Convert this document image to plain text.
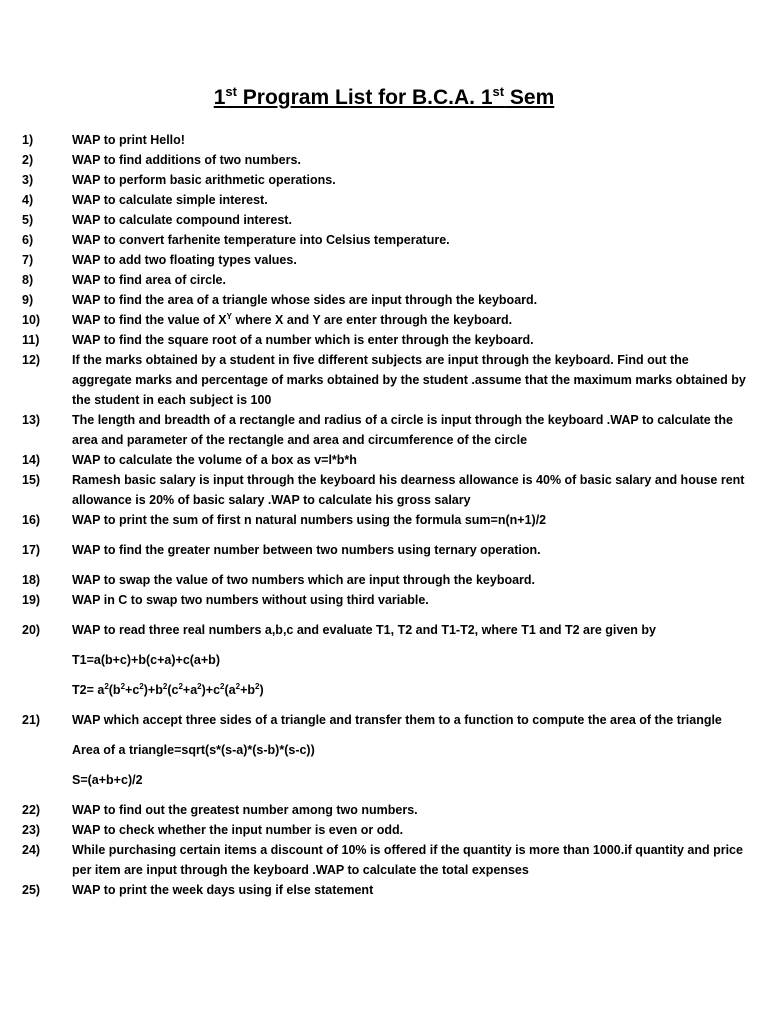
1st Program List for B.C.A. 1st Sem
1)	WAP to print Hello!
2)	WAP to find additions of two numbers.
3)	WAP to perform basic arithmetic operations.
4)	WAP to calculate simple interest.
5)	WAP to calculate compound interest.
6)	WAP to convert farhenite temperature into Celsius temperature.
7)	WAP to add two floating types values.
8)	WAP to find area of circle.
9)	WAP to find the area of a triangle whose sides are input through the keyboard.
10)	WAP to find the value of $X^Y$ where X and Y are enter through the keyboard.
11)	WAP to find the square root of a number which is enter through the keyboard.
12)	If the marks obtained by a student in five different subjects are input through the keyboard. Find out the aggregate marks and percentage of marks obtained by the student .assume that the maximum marks obtained by the student in each subject is 100
13)	The length and breadth of a rectangle and radius of a circle is input through the keyboard .WAP to calculate the area and parameter of the rectangle and area and circumference of the circle
14)	WAP to calculate the volume of a box as v=l*b*h
15)	Ramesh basic salary is input through the keyboard his dearness allowance is 40% of basic salary and house rent allowance is 20% of basic salary .WAP to calculate his gross salary
16)	WAP to print the sum of first n natural numbers using the formula sum=n(n+1)/2
17)	WAP to find the greater number between two numbers using ternary operation.
18)	WAP to swap the value of two numbers which are input through the keyboard.
19)	WAP in C to swap two numbers without using third variable.
20)	WAP to read three real numbers a,b,c and evaluate T1, T2 and T1-T2, where T1 and T2 are given by
T1=a(b+c)+b(c+a)+c(a+b)
$T2= a^2(b^2+c^2)+b^2(c^2+a^2)+c^2(a^2+b^2)$
21)	WAP which accept three sides of a triangle and transfer them to a function to compute the area of the triangle
Area of a triangle=sqrt(s*(s-a)*(s-b)*(s-c))
S=(a+b+c)/2
22)	WAP to find out the greatest number among two numbers.
23)	WAP to check whether the input number is even or odd.
24)	While purchasing certain items a discount of 10% is offered if the quantity is more than 1000.if quantity and price per item are input through the keyboard .WAP to calculate the total expenses
25)	WAP to print the week days using if else statement
